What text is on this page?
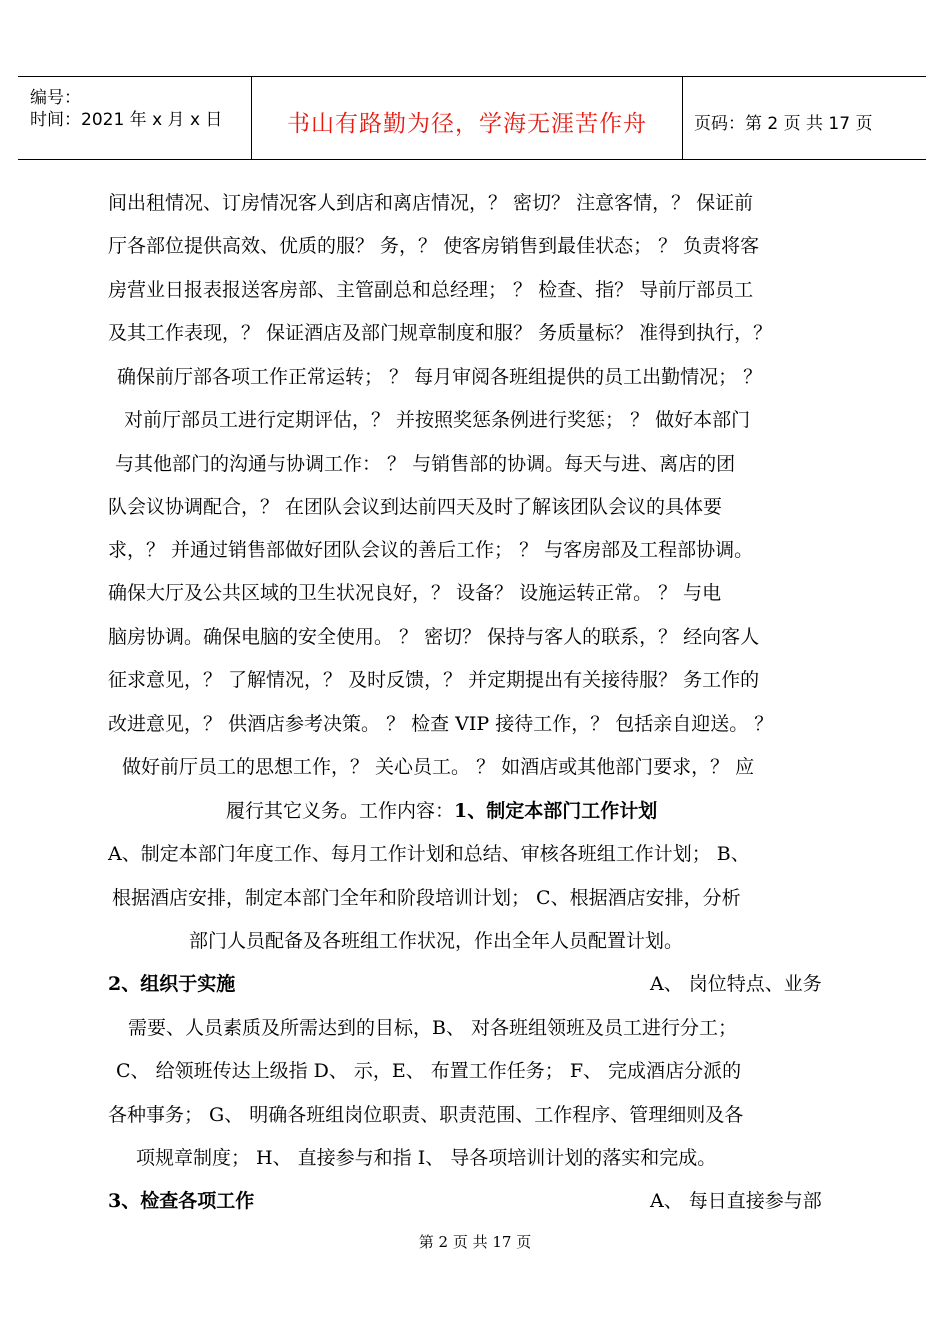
编号：
时间：2021 年 x 月 x 日	书山有路勤为径，学海无涯苦作舟	页码：第 2 页 共 17 页
间出租情况、订房情况客人到店和离店情况，？ 密切？ 注意客情，？ 保证前
厅各部位提供高效、优质的服？ 务，？ 使客房销售到最佳状态； ？ 负责将客
房营业日报表报送客房部、主管副总和总经理； ？ 检查、指？ 导前厅部员工
及其工作表现，？ 保证酒店及部门规章制度和服？ 务质量标？ 准得到执行，？
确保前厅部各项工作正常运转； ？ 每月审阅各班组提供的员工出勤情况； ？
对前厅部员工进行定期评估，？ 并按照奖惩条例进行奖惩； ？ 做好本部门
与其他部门的沟通与协调工作： ？ 与销售部的协调。每天与进、离店的团
队会议协调配合，？ 在团队会议到达前四天及时了解该团队会议的具体要
求，？ 并通过销售部做好团队会议的善后工作； ？ 与客房部及工程部协调。
确保大厅及公共区域的卫生状况良好，？ 设备？ 设施运转正常。 ？ 与电
脑房协调。确保电脑的安全使用。 ？ 密切？ 保持与客人的联系，？ 经向客人
征求意见，？ 了解情况，？ 及时反馈，？ 并定期提出有关接待服？ 务工作的
改进意见，？ 供酒店参考决策。 ？ 检查 VIP 接待工作，？ 包括亲自迎送。 ？
做好前厅员工的思想工作，？ 关心员工。 ？ 如酒店或其他部门要求，？ 应
履行其它义务。工作内容：1、制定本部门工作计划
A、制定本部门年度工作、每月工作计划和总结、审核各班组工作计划； B、
根据酒店安排，制定本部门全年和阶段培训计划； C、根据酒店安排，分析
部门人员配备及各班组工作状况，作出全年人员配置计划。
2、组织于实施	A、 岗位特点、业务
需要、人员素质及所需达到的目标，B、 对各班组领班及员工进行分工；
C、 给领班传达上级指 D、 示，E、 布置工作任务； F、 完成酒店分派的
各种事务； G、 明确各班组岗位职责、职责范围、工作程序、管理细则及各
项规章制度； H、 直接参与和指 I、 导各项培训计划的落实和完成。
3、检查各项工作	A、 每日直接参与部
第 2 页 共 17 页
